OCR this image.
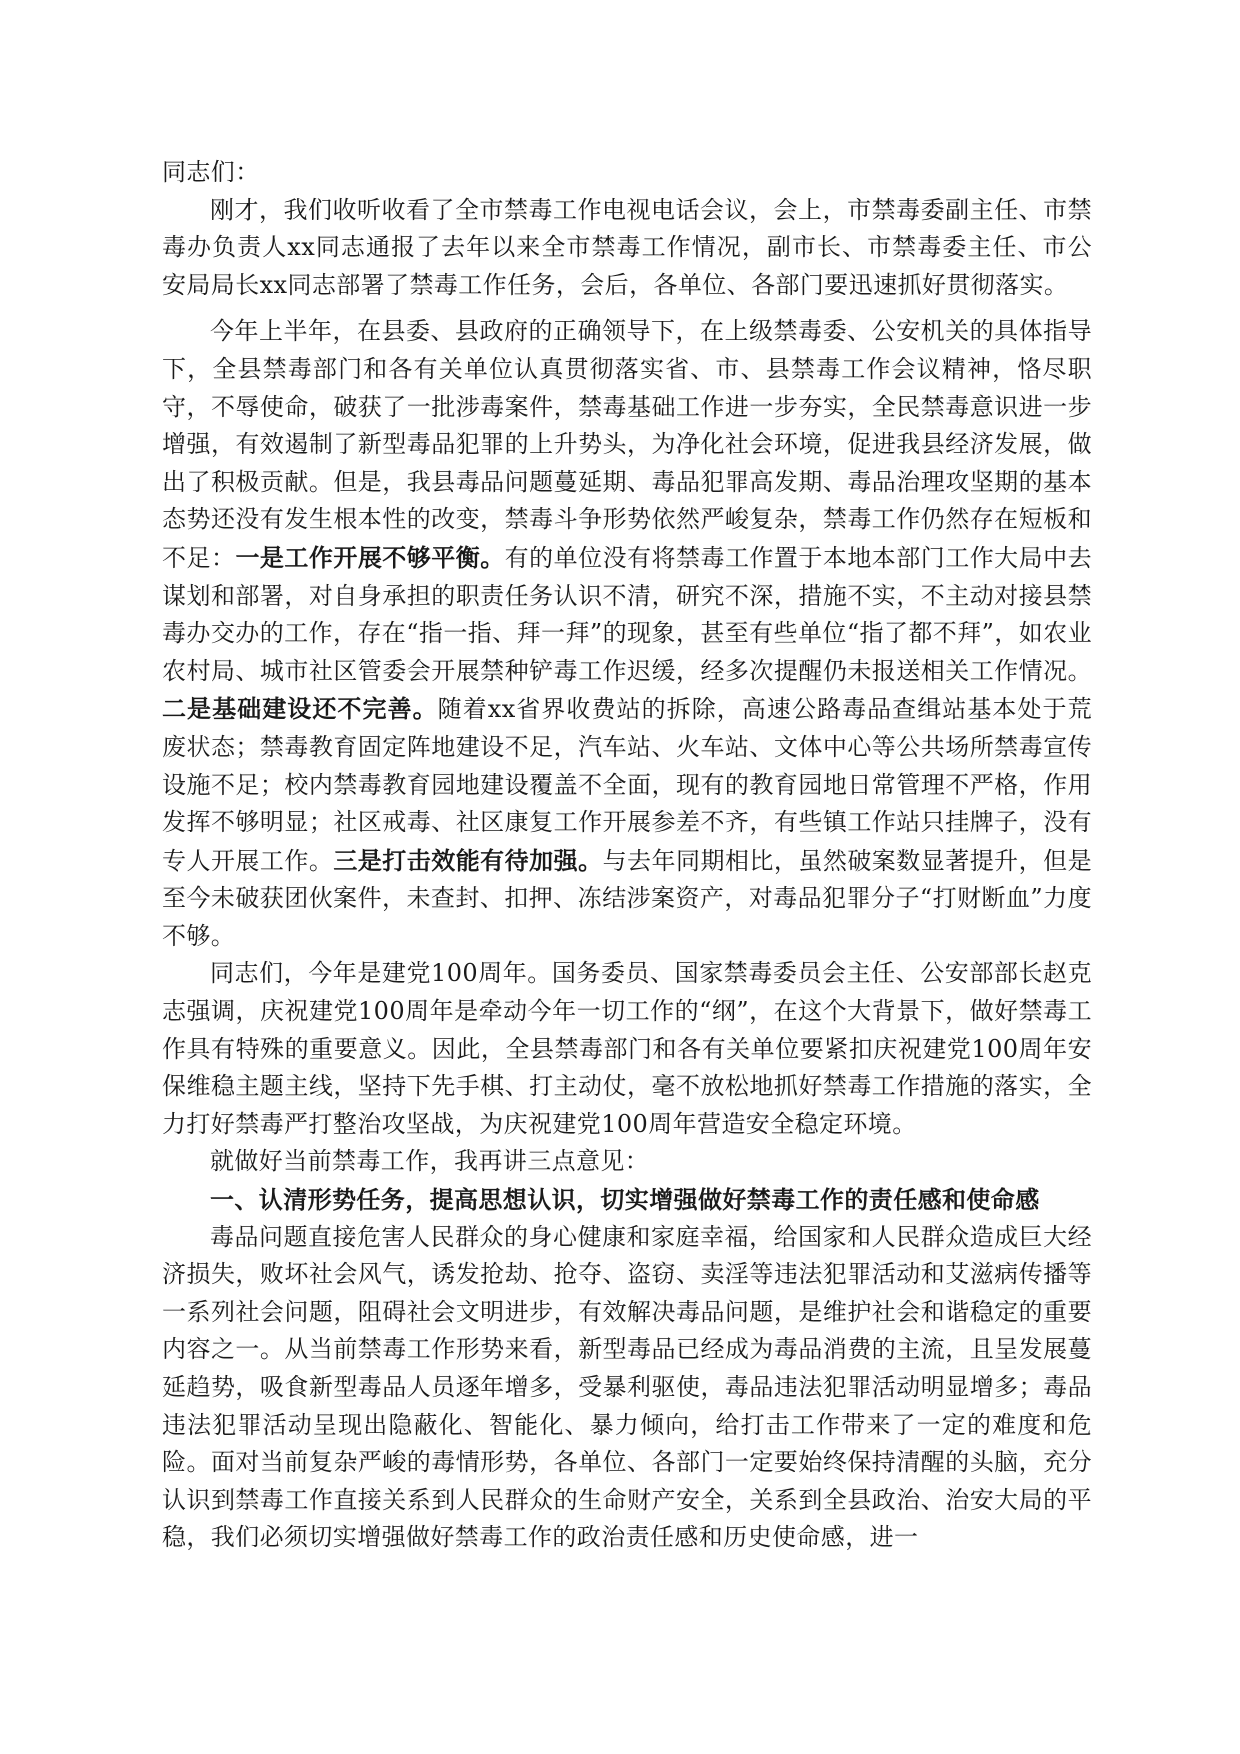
同志们：

刚才，我们收听收看了全市禁毒工作电视电话会议，会上，市禁毒委副主任、市禁毒办负责人xx同志通报了去年以来全市禁毒工作情况，副市长、市禁毒委主任、市公安局局长xx同志部署了禁毒工作任务，会后，各单位、各部门要迅速抓好贯彻落实。

今年上半年，在县委、县政府的正确领导下，在上级禁毒委、公安机关的具体指导下，全县禁毒部门和各有关单位认真贯彻落实省、市、县禁毒工作会议精神，恪尽职守，不辱使命，破获了一批涉毒案件，禁毒基础工作进一步夯实，全民禁毒意识进一步增强，有效遏制了新型毒品犯罪的上升势头，为净化社会环境，促进我县经济发展，做出了积极贡献。但是，我县毒品问题蔓延期、毒品犯罪高发期、毒品治理攻坚期的基本态势还没有发生根本性的改变，禁毒斗争形势依然严峻复杂，禁毒工作仍然存在短板和不足：一是工作开展不够平衡。有的单位没有将禁毒工作置于本地本部门工作大局中去谋划和部署，对自身承担的职责任务认识不清，研究不深，措施不实，不主动对接县禁毒办交办的工作，存在“指一指、拜一拜”的现象，甚至有些单位“指了都不拜”，如农业农村局、城市社区管委会开展禁种铲毒工作迟缓，经多次提醒仍未报送相关工作情况。二是基础建设还不完善。随着xx省界收费站的拆除，高速公路毒品查缉站基本处于荒废状态；禁毒教育固定阵地建设不足，汽车站、火车站、文体中心等公共场所禁毒宣传设施不足；校内禁毒教育园地建设覆盖不全面，现有的教育园地日常管理不严格，作用发挥不够明显；社区戒毒、社区康复工作开展参差不齐，有些镇工作站只挂牌子，没有专人开展工作。三是打击效能有待加强。与去年同期相比，虽然破案数显著提升，但是至今未破获团伙案件，未查封、扣押、冻结涉案资产，对毒品犯罪分子“打财断血”力度不够。

同志们，今年是建党100周年。国务委员、国家禁毒委员会主任、公安部部长赵克志强调，庆祝建党100周年是牵动今年一切工作的“纲”，在这个大背景下，做好禁毒工作具有特殊的重要意义。因此，全县禁毒部门和各有关单位要紧扣庆祝建党100周年安保维稳主题主线，坚持下先手棋、打主动仗，毫不放松地抓好禁毒工作措施的落实，全力打好禁毒严打整治攻坚战，为庆祝建党100周年营造安全稳定环境。

就做好当前禁毒工作，我再讲三点意见：

一、认清形势任务，提高思想认识，切实增强做好禁毒工作的责任感和使命感

毒品问题直接危害人民群众的身心健康和家庭幸福，给国家和人民群众造成巨大经济损失，败坏社会风气，诱发抢劫、抢夺、盗窃、卖淫等违法犯罪活动和艾滋病传播等一系列社会问题，阻碍社会文明进步，有效解决毒品问题，是维护社会和谐稳定的重要内容之一。从当前禁毒工作形势来看，新型毒品已经成为毒品消费的主流，且呈发展蔓延趋势，吸食新型毒品人员逐年增多，受暴利驱使，毒品违法犯罪活动明显增多；毒品违法犯罪活动呈现出隐蔽化、智能化、暴力倾向，给打击工作带来了一定的难度和危险。面对当前复杂严峻的毒情形势，各单位、各部门一定要始终保持清醒的头脑，充分认识到禁毒工作直接关系到人民群众的生命财产安全，关系到全县政治、治安大局的平稳，我们必须切实增强做好禁毒工作的政治责任感和历史使命感，进一
